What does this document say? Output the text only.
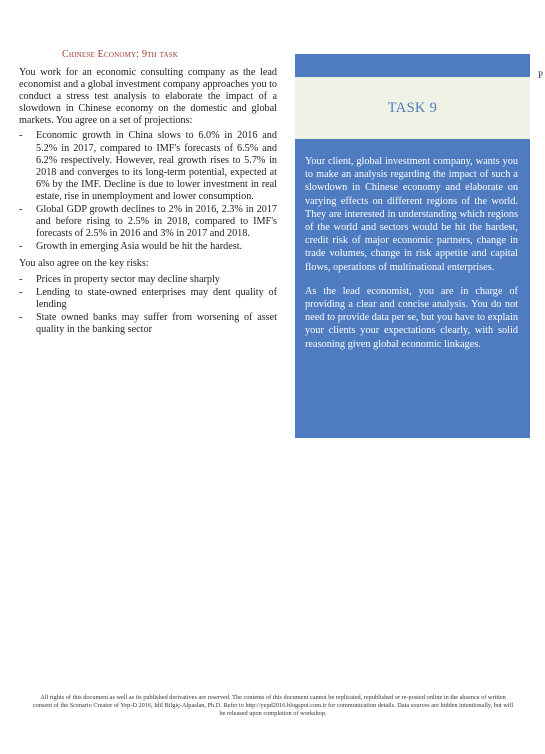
Chinese Economy: 9th task

You work for an economic consulting company as the lead economist and a global investment company approaches you to conduct a stress test analysis to elaborate the impact of a slowdown in Chinese economy on the domestic and global markets. You agree on a set of projections:

- Economic growth in China slows to 6.0% in 2016 and 5.2% in 2017, compared to IMF's forecasts of 6.5% and 6.2% respectively. However, real growth rises to 5.7% in 2018 and converges to its long-term potential, expected at 6% by the IMF. Decline is due to lower investment in real estate, rise in unemployment and lower consumption.
- Global GDP growth declines to 2% in 2016, 2.3% in 2017 and before rising to 2.5% in 2018, compared to IMF's forecasts of 2.5% in 2016 and 3% in 2017 and 2018.
- Growth in emerging Asia would be hit the hardest.

You also agree on the key risks:

- Prices in property sector may decline sharply
- Lending to state-owned enterprises may dent quality of lending
- State owned banks may suffer from worsening of asset quality in the banking sector
P
TASK 9

Your client, global investment company, wants you to make an analysis regarding the impact of such a slowdown in Chinese economy and elaborate on varying effects on different regions of the world. They are interested in understanding which regions of the world and sectors would be hit the hardest, credit risk of major economic partners, change in trade volumes, change in risk appetite and capital flows, operations of multinational enterprises.

As the lead economist, you are in charge of providing a clear and concise analysis. You do not need to provide data per se, but you have to explain your clients your expectations clearly, with solid reasoning given global economic linkages.

All rights of this document as well as its published derivatives are reserved. The contents of this document cannot be replicated, republished or re-posted online in the absence of written consent of the Scenario Creator of Yep-D 2016, Idil Bilgiç-Alpaslan, Ph.D. Refer to http://yepd2016.blogspot.com.tr for communication details. Data sources are hidden intentionally, but will be released upon completion of workshop.
